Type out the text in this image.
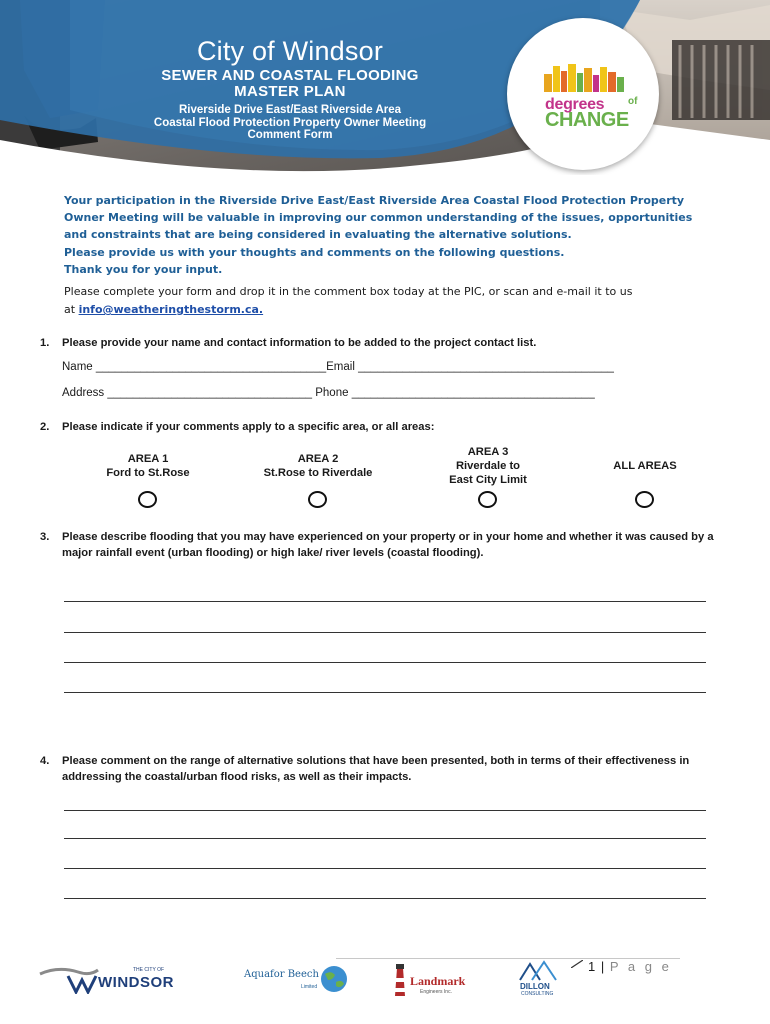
City of Windsor
SEWER AND COASTAL FLOODING
MASTER PLAN
Riverside Drive East/East Riverside Area
Coastal Flood Protection Property Owner Meeting
Comment Form
degrees of
CHANGE

Your participation in the Riverside Drive East/East Riverside Area Coastal Flood Protection Property

Owner Meeting will be valuable in improving our common understanding of the issues, opportunities

and constraints that are being considered in evaluating the alternative solutions.

Please provide us with your thoughts and comments on the following questions.

Thank you for your input.

Please complete your form and drop it in the comment box today at the PIC, or scan and e-mail it to us
at info@weatheringthestorm.ca.
1.	Please provide your name and contact information to be added to the project contact list.
Name ____________________________________Email ________________________________________
Address ________________________________ Phone ______________________________________
2.	Please indicate if your comments apply to a specific area, or all areas:
AREA 1
Ford to St.Rose
AREA 2
St.Rose to Riverdale
AREA 3
Riverdale to
East City Limit
ALL AREAS
3.	Please describe flooding that you may have experienced on your property or in your home and whether it was caused by a major rainfall event (urban flooding) or high lake/ river levels (coastal flooding).
4.	Please comment on the range of alternative solutions that have been presented, both in terms of their effectiveness in addressing the coastal/urban flood risks, as well as their impacts.
1 | P a g e
THE CITY OF
WINDSOR	Aquafor Beech
Limited	Landmark
Engineers Inc.
DILLON
CONSULTING
